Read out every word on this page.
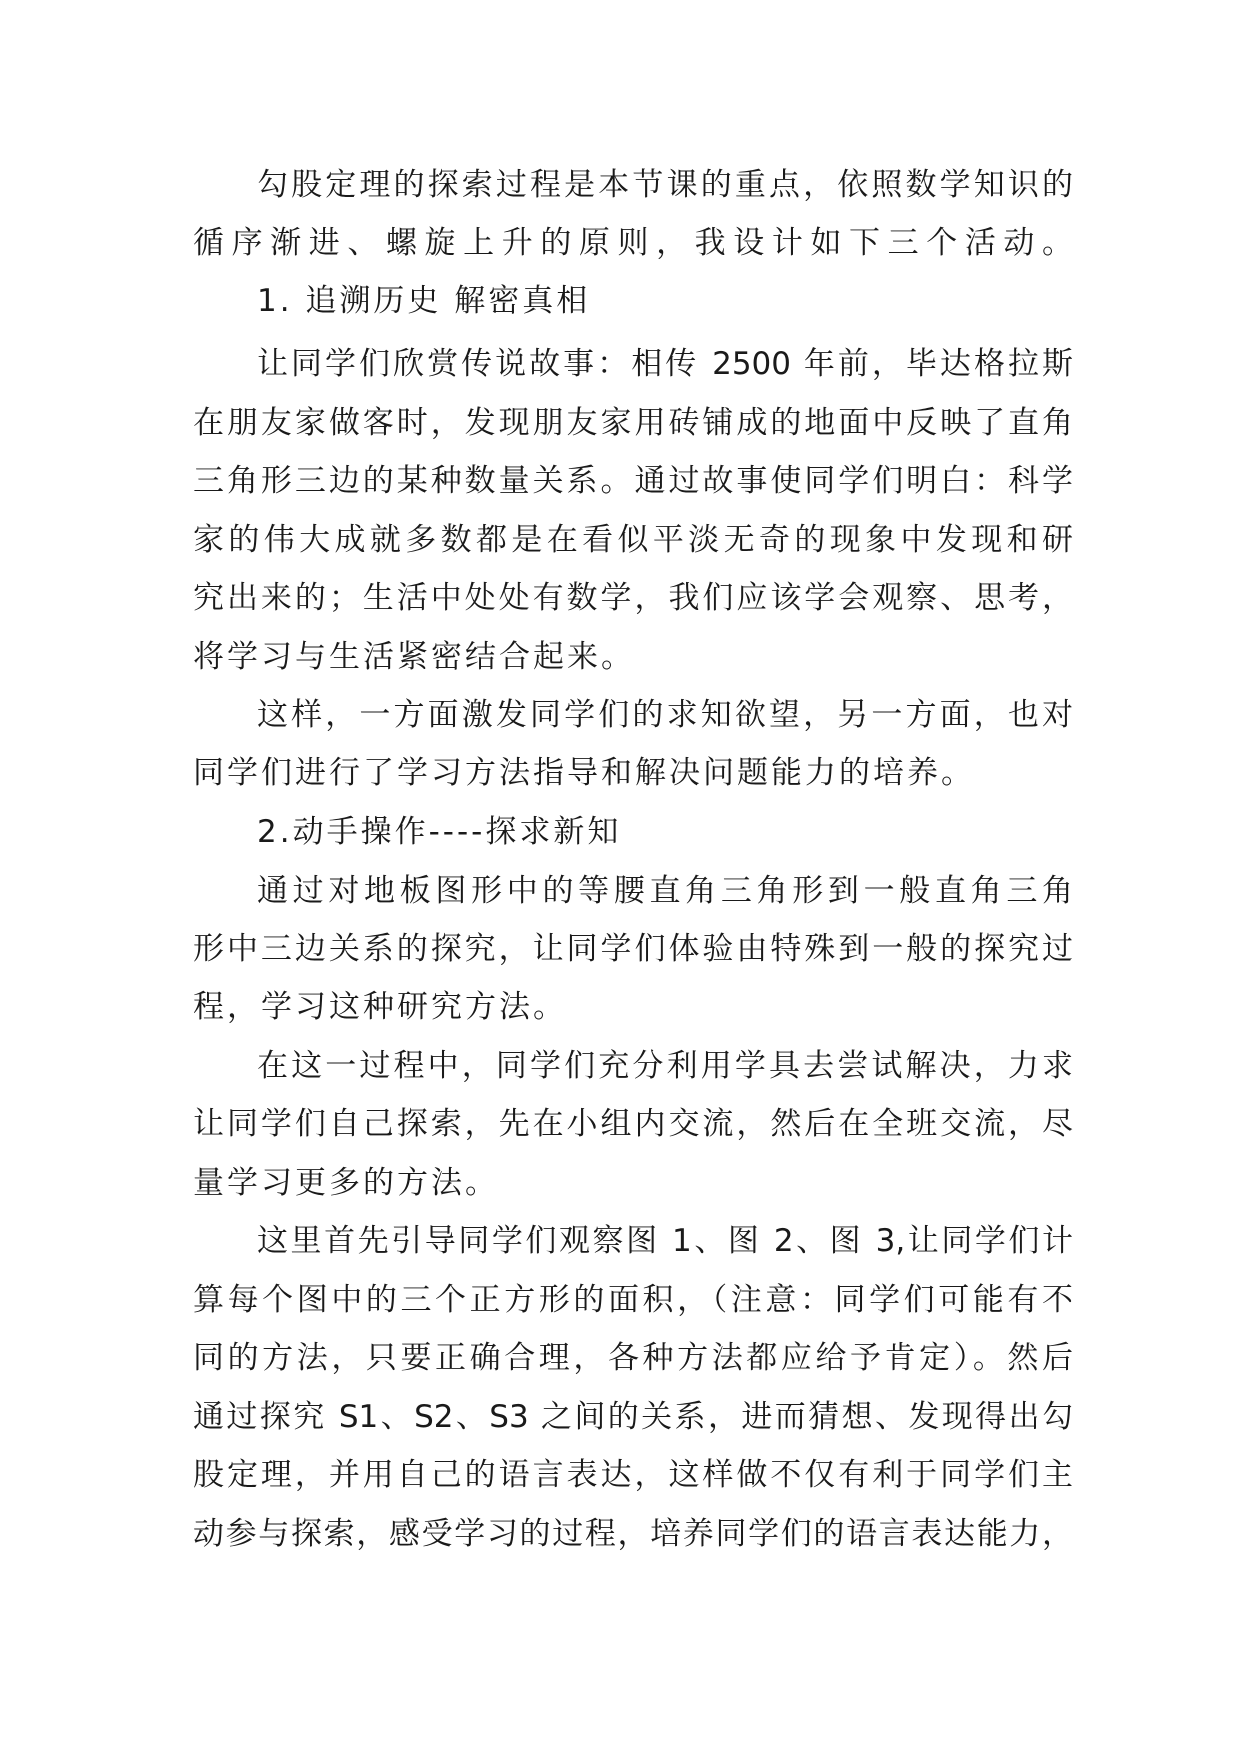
勾股定理的探索过程是本节课的重点，依照数学知识的
循序渐进、螺旋上升的原则，我设计如下三个活动。
1. 追溯历史 解密真相
让同学们欣赏传说故事：相传 2500 年前，毕达格拉斯
在朋友家做客时，发现朋友家用砖铺成的地面中反映了直角
三角形三边的某种数量关系。通过故事使同学们明白：科学
家的伟大成就多数都是在看似平淡无奇的现象中发现和研
究出来的；生活中处处有数学，我们应该学会观察、思考，
将学习与生活紧密结合起来。
这样，一方面激发同学们的求知欲望，另一方面，也对
同学们进行了学习方法指导和解决问题能力的培养。
2.动手操作----探求新知
通过对地板图形中的等腰直角三角形到一般直角三角
形中三边关系的探究，让同学们体验由特殊到一般的探究过
程，学习这种研究方法。
在这一过程中，同学们充分利用学具去尝试解决，力求
让同学们自己探索，先在小组内交流，然后在全班交流，尽
量学习更多的方法。
这里首先引导同学们观察图 1、图 2、图 3,让同学们计
算每个图中的三个正方形的面积，（注意：同学们可能有不
同的方法，只要正确合理，各种方法都应给予肯定）。然后
通过探究 S1、S2、S3 之间的关系，进而猜想、发现得出勾
股定理，并用自己的语言表达，这样做不仅有利于同学们主
动参与探索，感受学习的过程，培养同学们的语言表达能力，
